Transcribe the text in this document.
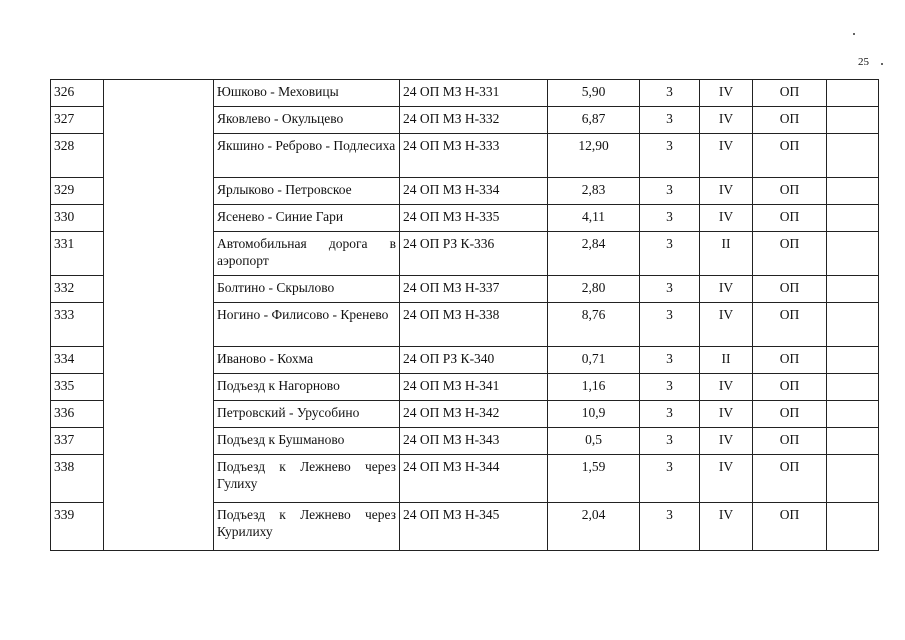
25
326		Юшково - Меховицы	24 ОП МЗ Н-331	5,90	3	IV	ОП	
327		Яковлево - Окульцево	24 ОП МЗ Н-332	6,87	3	IV	ОП	
328		Якшино - Реброво - Подлесиха	24 ОП МЗ Н-333	12,90	3	IV	ОП	
329		Ярлыково - Петровское	24 ОП МЗ Н-334	2,83	3	IV	ОП	
330		Ясенево - Синие Гари	24 ОП МЗ Н-335	4,11	3	IV	ОП	
331		Автомобильная дорога в аэропорт	24 ОП РЗ К-336	2,84	3	II	ОП	
332		Болтино - Скрылово	24 ОП МЗ Н-337	2,80	3	IV	ОП	
333		Ногино - Филисово - Кренево	24 ОП МЗ Н-338	8,76	3	IV	ОП	
334		Иваново - Кохма	24 ОП РЗ К-340	0,71	3	II	ОП	
335		Подъезд к Нагорново	24 ОП МЗ Н-341	1,16	3	IV	ОП	
336		Петровский - Урусобино	24 ОП МЗ Н-342	10,9	3	IV	ОП	
337		Подъезд к Бушманово	24 ОП МЗ Н-343	0,5	3	IV	ОП	
338		Подъезд к Лежнево через Гулиху	24 ОП МЗ Н-344	1,59	3	IV	ОП	
339		Подъезд к Лежнево через Курилиху	24 ОП МЗ Н-345	2,04	3	IV	ОП	
